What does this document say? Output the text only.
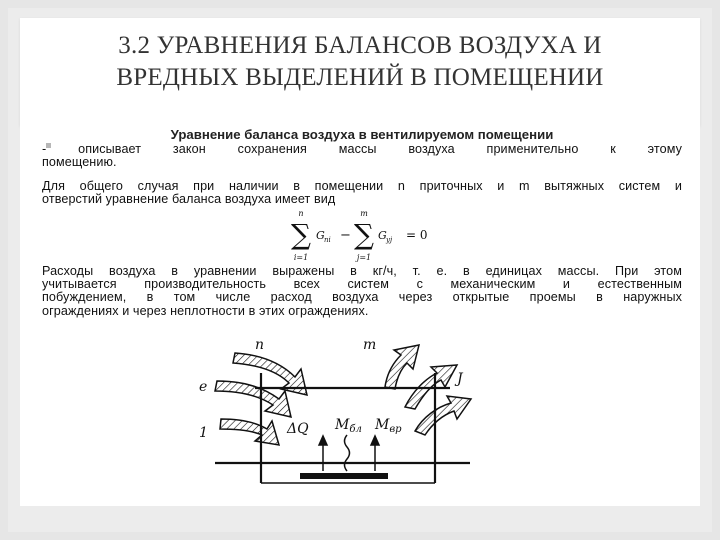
3.2 УРАВНЕНИЯ БАЛАНСОВ ВОЗДУХА И
ВРЕДНЫХ ВЫДЕЛЕНИЙ В ПОМЕЩЕНИИ
Уравнение баланса воздуха в вентилируемом помещении
- описывает закон сохранения массы воздуха применительно к этому
помещению.
Для общего случая при наличии в помещении n приточных и m вытяжных систем и
отверстий уравнение баланса воздуха имеет вид
n
∑
i=1
G пi −
m
∑
j=1
G yj = 0
Расходы воздуха в уравнении выражены в кг/ч, т. е. в единицах массы. При этом
учитывается производительность всех систем с механическим и естественным
побуждением, в том числе расход воздуха через открытые проемы в наружных
ограждениях и через неплотности в этих ограждениях.
n
e
1
m
J
ΔQ $M_{бл}$ $M_{вр}$
